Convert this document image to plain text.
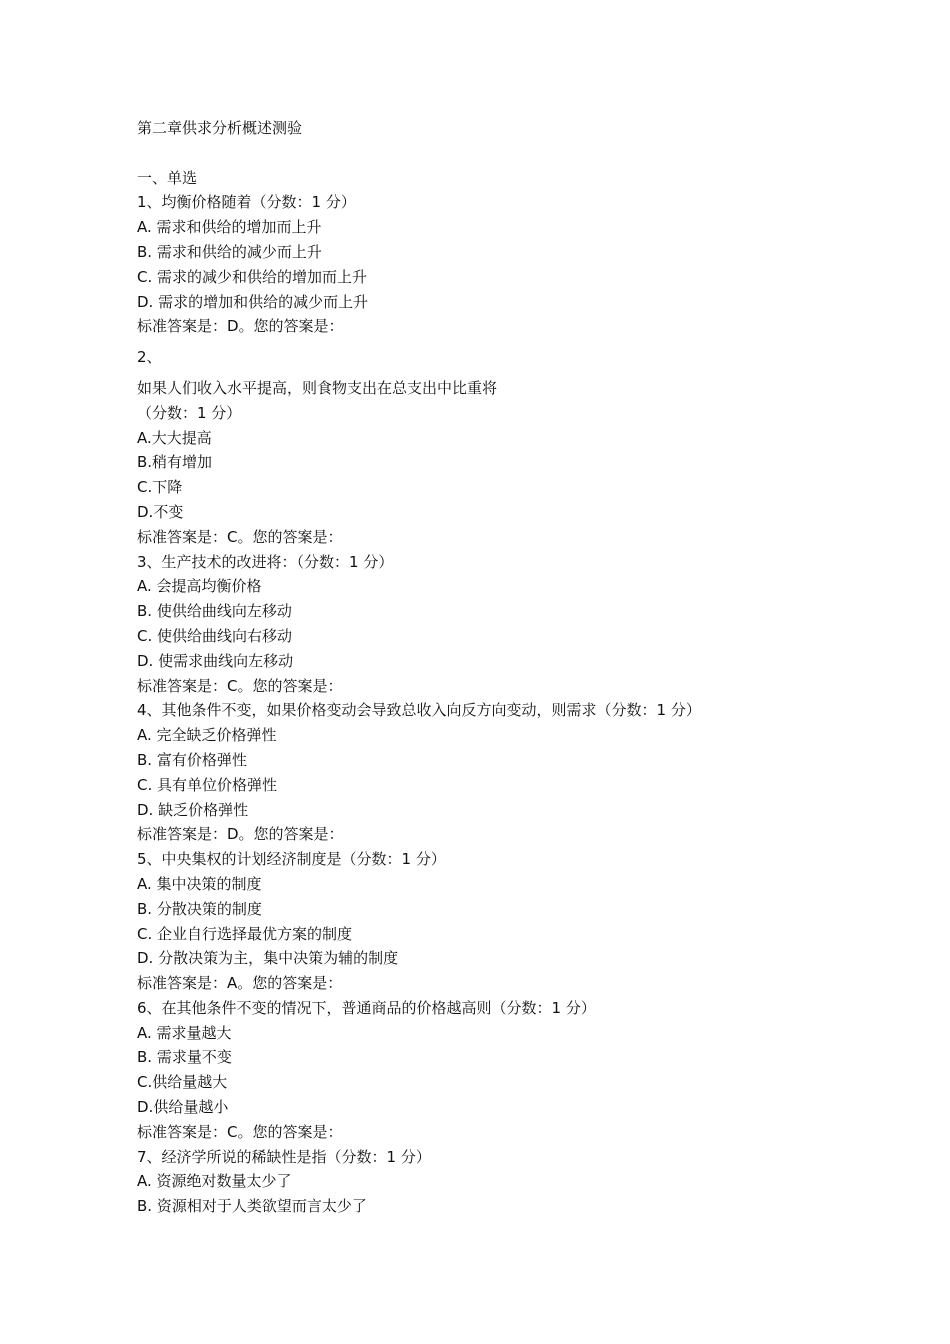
第二章供求分析概述测验
一、单选
1、均衡价格随着（分数：1 分）
A. 需求和供给的增加而上升
B. 需求和供给的减少而上升
C. 需求的减少和供给的增加而上升
D. 需求的增加和供给的减少而上升
标准答案是：D。您的答案是：
2、
如果人们收入水平提高，则食物支出在总支出中比重将
（分数：1 分）
A.大大提高
B.稍有增加
C.下降
D.不变
标准答案是：C。您的答案是：
3、生产技术的改进将：（分数：1 分）
A. 会提高均衡价格
B. 使供给曲线向左移动
C. 使供给曲线向右移动
D. 使需求曲线向左移动
标准答案是：C。您的答案是：
4、其他条件不变，如果价格变动会导致总收入向反方向变动，则需求（分数：1 分）
A. 完全缺乏价格弹性
B. 富有价格弹性
C. 具有单位价格弹性
D. 缺乏价格弹性
标准答案是：D。您的答案是：
5、中央集权的计划经济制度是（分数：1 分）
A. 集中决策的制度
B. 分散决策的制度
C. 企业自行选择最优方案的制度
D. 分散决策为主，集中决策为辅的制度
标准答案是：A。您的答案是：
6、在其他条件不变的情况下，普通商品的价格越高则（分数：1 分）
A. 需求量越大
B. 需求量不变
C.供给量越大
D.供给量越小
标准答案是：C。您的答案是：
7、经济学所说的稀缺性是指（分数：1 分）
A. 资源绝对数量太少了
B. 资源相对于人类欲望而言太少了
